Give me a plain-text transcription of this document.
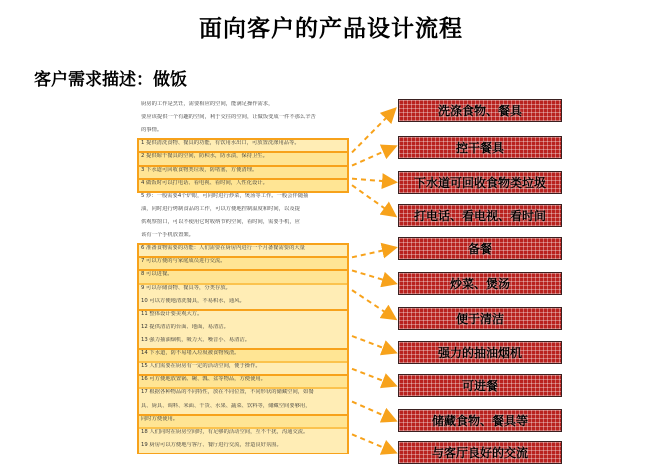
面向客户的产品设计流程
客户需求描述：做饭
厨房的工作是烹饪，需要相应的空间，能满足操作需求，
要应该提供一个有趣的空间，利于交往的空间，让做饭变成一件不那么辛苦
的事情。
1 提供清洗食物、餐具的功能，有饮用水出口，可放置洗涤用品等。
2 提供晾干餐具的空间，防积水，防水渍，保持卫生。
3 下水道可回收食物类垃圾，防堵塞，方便清理。
4 做饭时可以打电话、看电视、看时间，人性化设计。
5 炒：一般需要4个炉眼，可同时进行炒菜，煲汤等工作。一般会伴随抽
油，同时进行烤制食品的工作，可以方便地控制温度和时间，以及提
供观察窗口，可以不使用它时收纳节约空间，看时间，需要手机，应
该有一个手机放置架。
6 准备食物需要的功能：人们需要在厨房内进行一个月备餐需要的大量
7 可以方便的与家庭成员进行交流。
8 可以进餐。
9 可以存储食物、餐具等，分类存放。
10 可以方便地清洗餐具，不易积水，通风。
11 整体设计要美观大方。
12 提供清洁的台面、地面，易清洁。
13 强力抽油烟机，吸力大、噪音小、易清洁。
14 下水道，防不易堵入垃圾被食物残渣。
15 人们需要在厨房有一定的活动空间，便于操作。
16 可方便地放置锅、碗、瓢、盆等物品，方便使用。
17 根据各种物品的不同特性，放在不同位置，不同形状的储藏空间，如餐
具、厨具、调料、米面、干货、水果、蔬菜、饮料等，储藏空间要够用，
同时方便使用。
18 人们同时在厨房空间时，有足够的活动空间，互不干扰，沟通交流。
19 厨房可以方便地与客厅、餐厅进行交流，营造良好氛围。
洗涤食物、餐具
控干餐具
下水道可回收食物类垃圾
打电话、看电视、看时间
备餐
炒菜、煲汤
便于清洁
强力的抽油烟机
可进餐
储藏食物、餐具等
与客厅良好的交流
